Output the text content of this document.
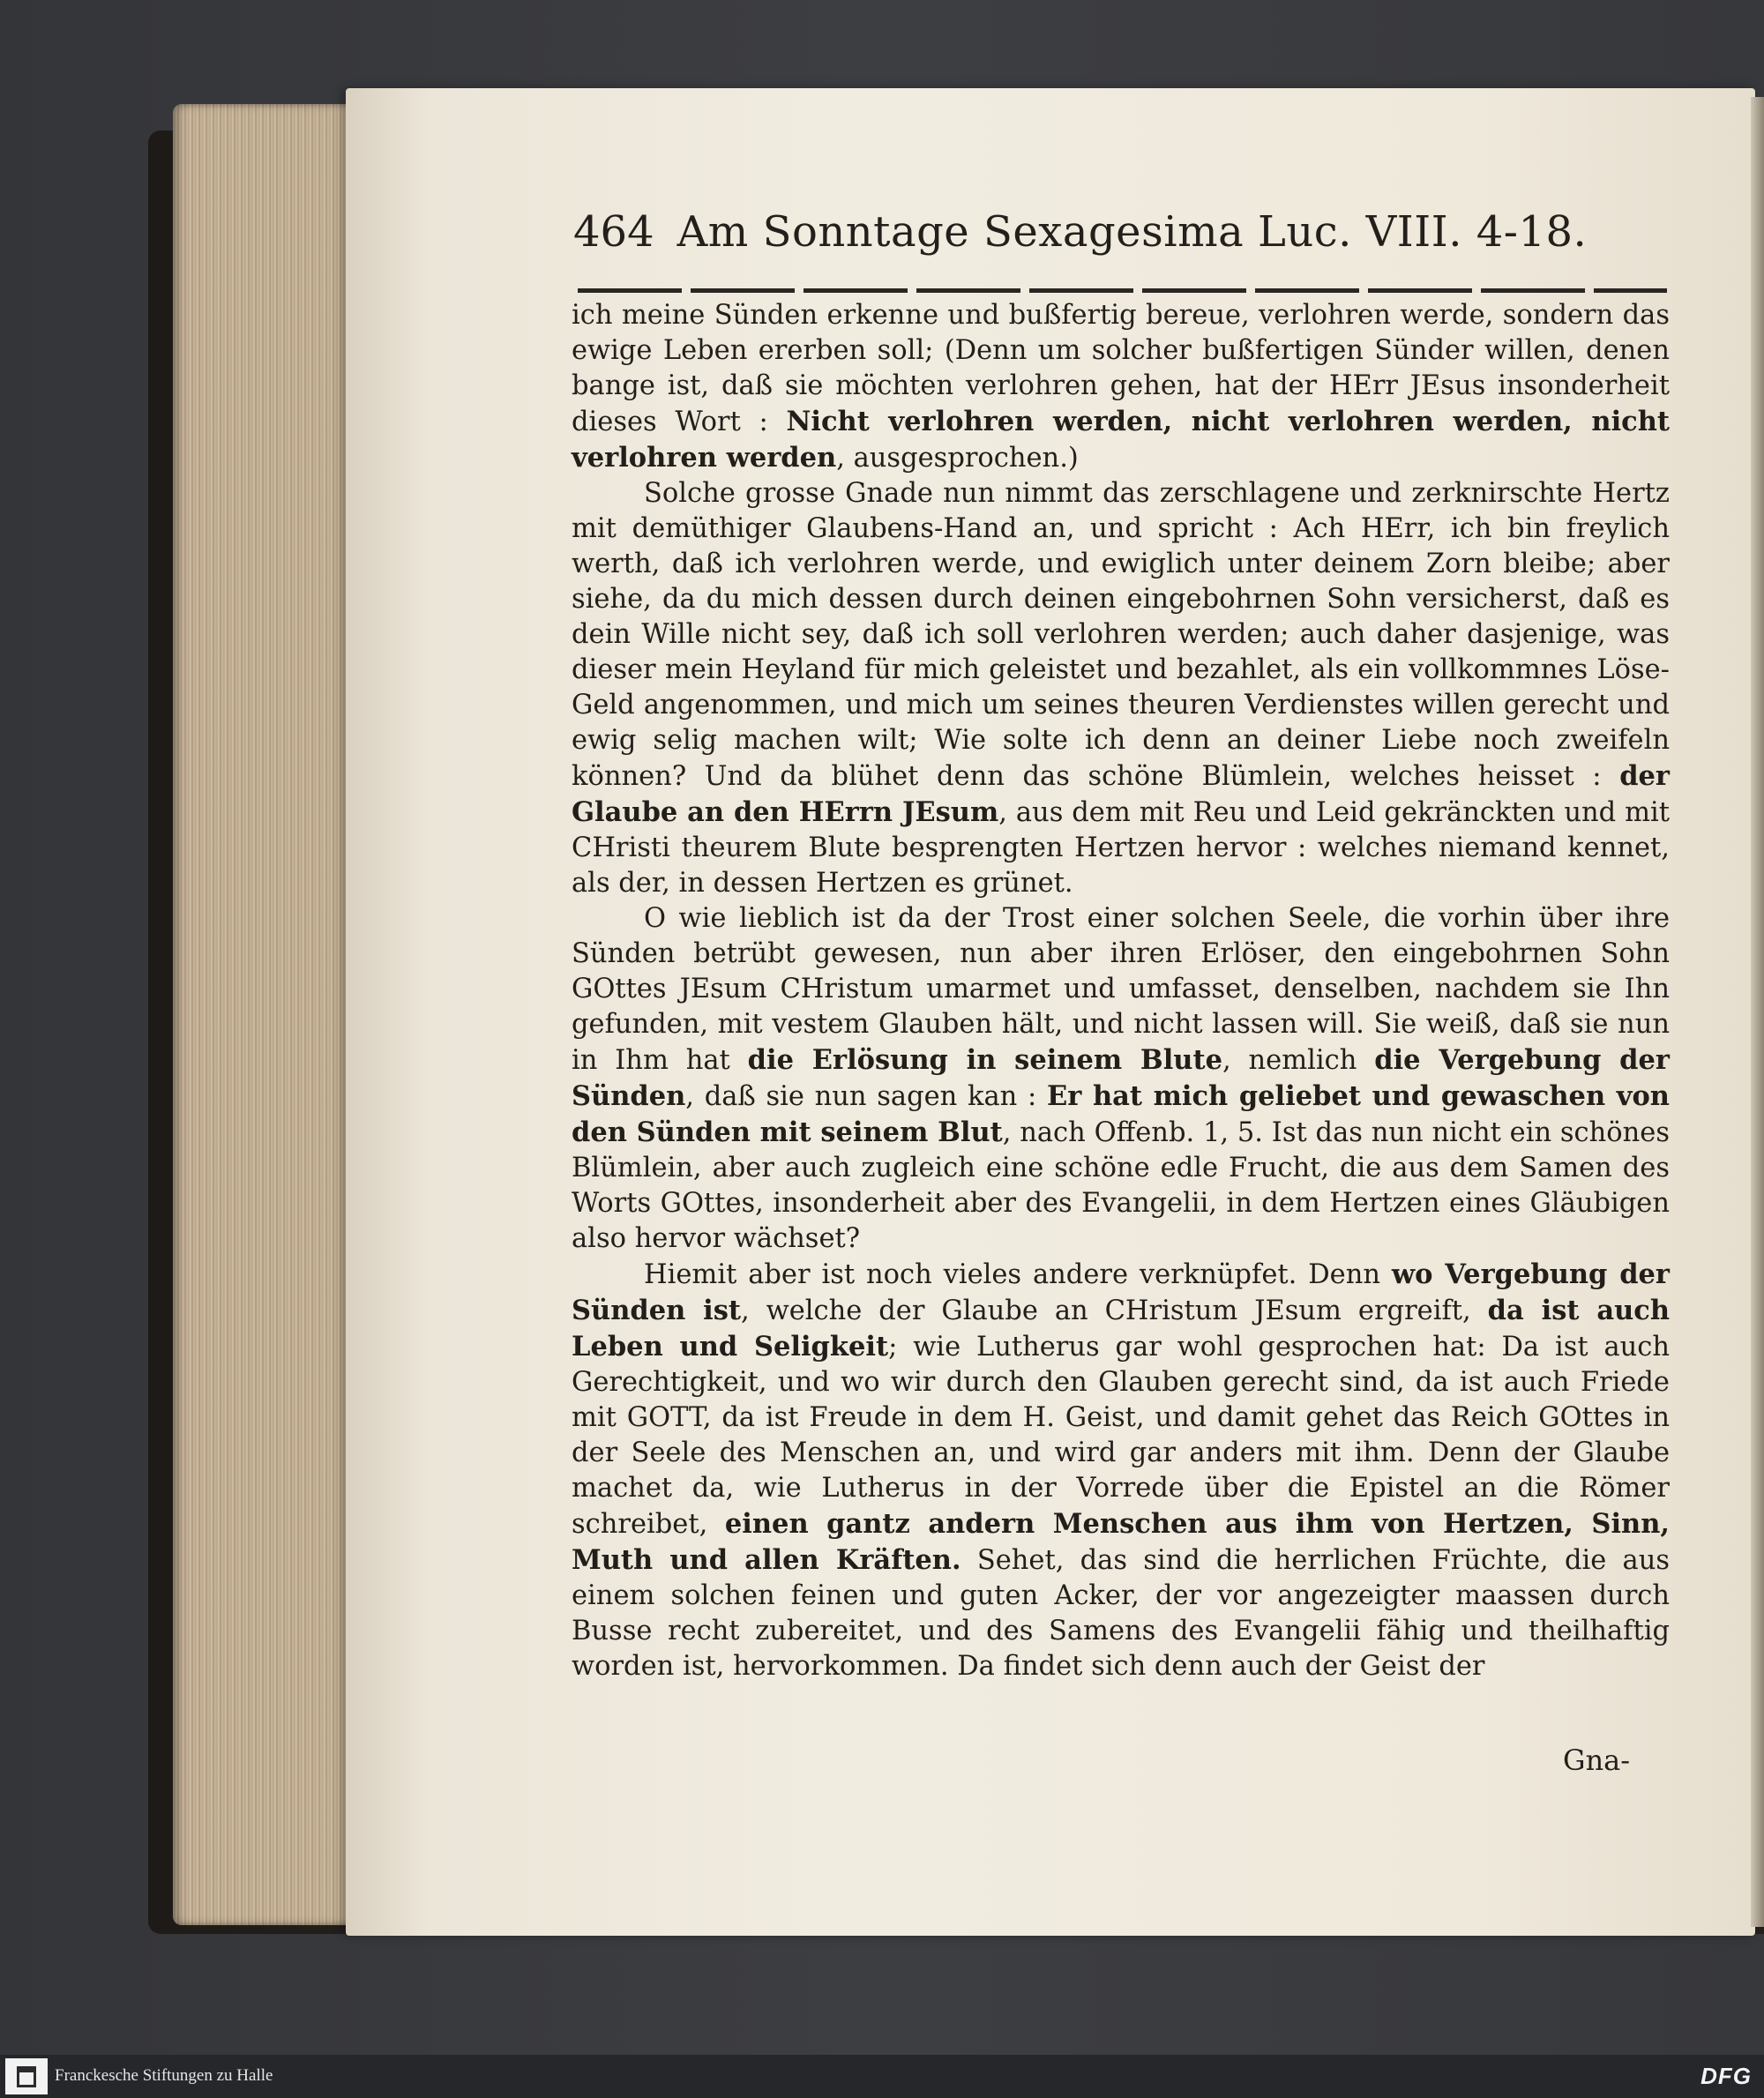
464 Am Sonntage Sexagesima Luc. VIII. 4-18.

ich meine Sünden erkenne und bußfertig bereue, verlohren werde, sondern das ewige Leben ererben soll; (Denn um solcher bußfertigen Sünder willen, denen bange ist, daß sie möchten verlohren gehen, hat der HErr JEsus insonderheit dieses Wort : Nicht verlohren werden, nicht verlohren werden, nicht verlohren werden, ausgesprochen.)

Solche grosse Gnade nun nimmt das zerschlagene und zerknirschte Hertz mit demüthiger Glaubens-Hand an, und spricht : Ach HErr, ich bin freylich werth, daß ich verlohren werde, und ewiglich unter deinem Zorn bleibe; aber siehe, da du mich dessen durch deinen eingebohrnen Sohn versicherst, daß es dein Wille nicht sey, daß ich soll verlohren werden; auch daher dasjenige, was dieser mein Heyland für mich geleistet und bezahlet, als ein vollkommnes Löse-Geld angenommen, und mich um seines theuren Verdienstes willen gerecht und ewig selig machen wilt; Wie solte ich denn an deiner Liebe noch zweifeln können? Und da blühet denn das schöne Blümlein, welches heisset : der Glaube an den HErrn JEsum, aus dem mit Reu und Leid gekränckten und mit CHristi theurem Blute besprengten Hertzen hervor : welches niemand kennet, als der, in dessen Hertzen es grünet.

O wie lieblich ist da der Trost einer solchen Seele, die vorhin über ihre Sünden betrübt gewesen, nun aber ihren Erlöser, den eingebohrnen Sohn GOttes JEsum CHristum umarmet und umfasset, denselben, nachdem sie Ihn gefunden, mit vestem Glauben hält, und nicht lassen will. Sie weiß, daß sie nun in Ihm hat die Erlösung in seinem Blute, nemlich die Vergebung der Sünden, daß sie nun sagen kan : Er hat mich geliebet und gewaschen von den Sünden mit seinem Blut, nach Offenb. 1, 5. Ist das nun nicht ein schönes Blümlein, aber auch zugleich eine schöne edle Frucht, die aus dem Samen des Worts GOttes, insonderheit aber des Evangelii, in dem Hertzen eines Gläubigen also hervor wächset?

Hiemit aber ist noch vieles andere verknüpfet. Denn wo Vergebung der Sünden ist, welche der Glaube an CHristum JEsum ergreift, da ist auch Leben und Seligkeit; wie Lutherus gar wohl gesprochen hat: Da ist auch Gerechtigkeit, und wo wir durch den Glauben gerecht sind, da ist auch Friede mit GOTT, da ist Freude in dem H. Geist, und damit gehet das Reich GOttes in der Seele des Menschen an, und wird gar anders mit ihm. Denn der Glaube machet da, wie Lutherus in der Vorrede über die Epistel an die Römer schreibet, einen gantz andern Menschen aus ihm von Hertzen, Sinn, Muth und allen Kräften. Sehet, das sind die herrlichen Früchte, die aus einem solchen feinen und guten Acker, der vor angezeigter maassen durch Busse recht zubereitet, und des Samens des Evangelii fähig und theilhaftig worden ist, hervorkommen. Da findet sich denn auch der Geist der

Gna-
Franckesche Stiftungen zu Halle	DFG
